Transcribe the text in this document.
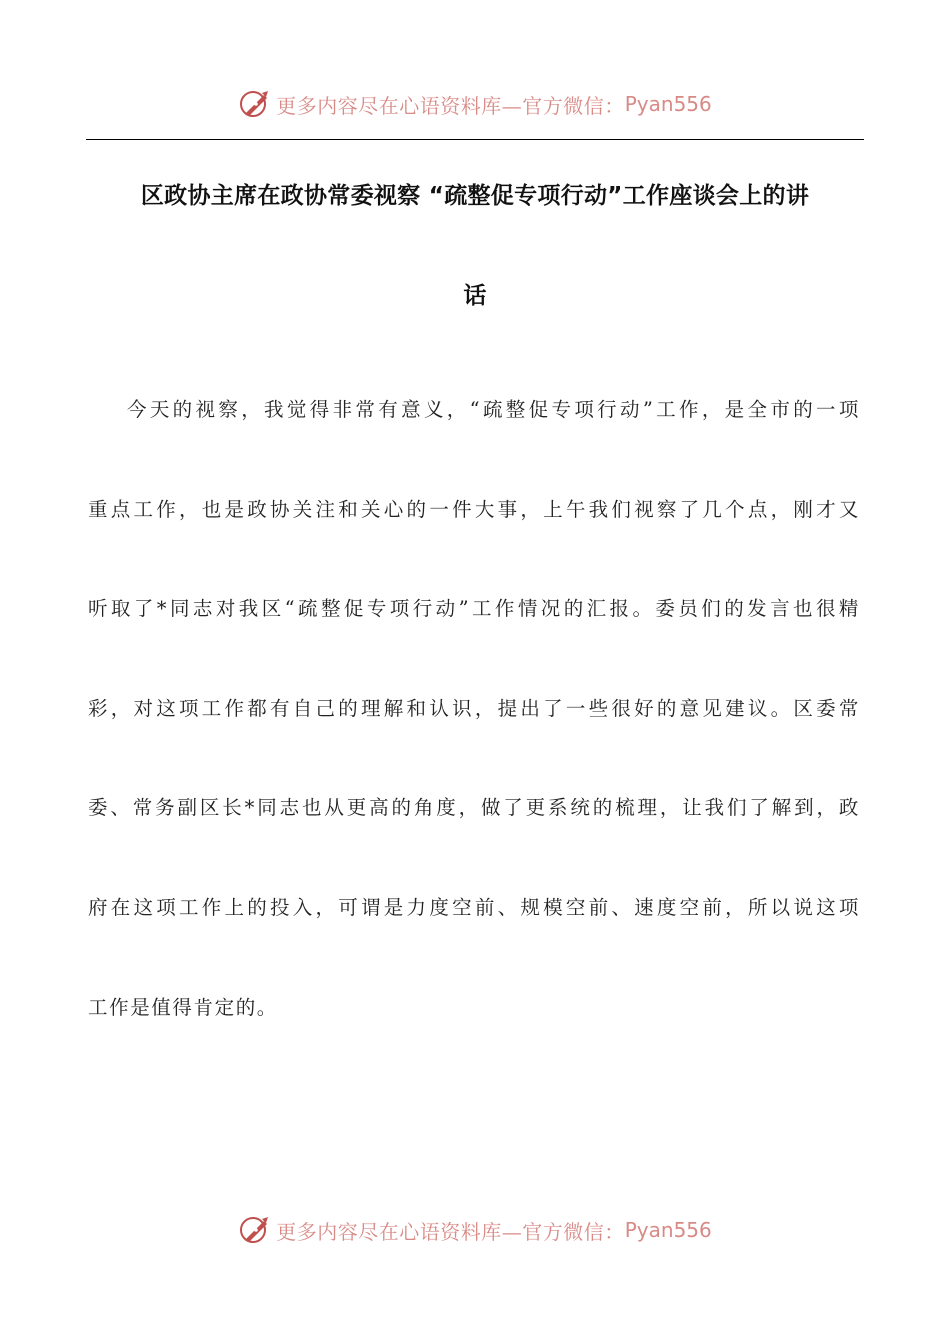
更多内容尽在心语资料库—官方微信： Pyan556
区政协主席在政协常委视察 “疏整促专项行动”工作座谈会上的讲
话

今天的视察，我觉得非常有意义，“疏整促专项行动”工作，是全市的一项
重点工作，也是政协关注和关心的一件大事，上午我们视察了几个点，刚才又
听取了*同志对我区“疏整促专项行动”工作情况的汇报。委员们的发言也很精
彩，对这项工作都有自己的理解和认识，提出了一些很好的意见建议。区委常
委、常务副区长*同志也从更高的角度，做了更系统的梳理，让我们了解到，政
府在这项工作上的投入，可谓是力度空前、规模空前、速度空前，所以说这项
工作是值得肯定的。

更多内容尽在心语资料库—官方微信： Pyan556
